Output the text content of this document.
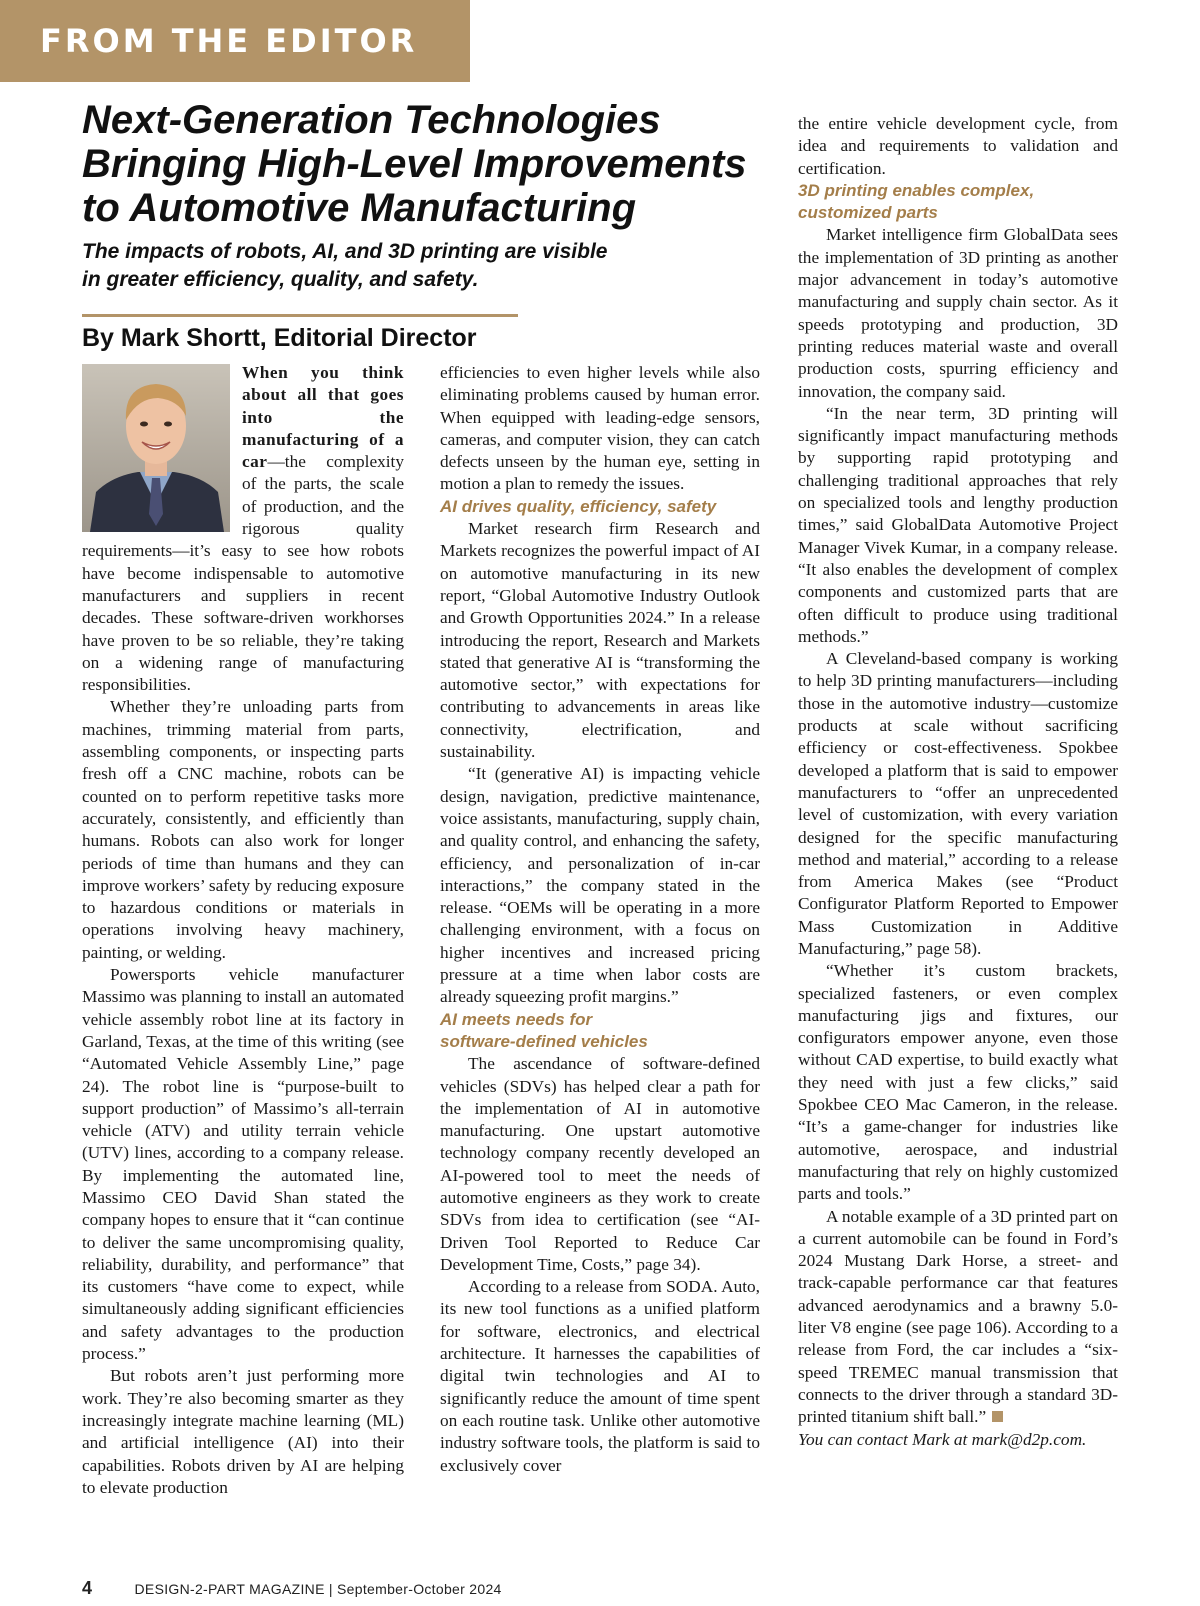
FROM THE EDITOR
Next-Generation Technologies
Bringing High-Level Improvements
to Automotive Manufacturing
The impacts of robots, AI, and 3D printing are visible
in greater efficiency, quality, and safety.
By Mark Shortt, Editorial Director

When you think about all that goes into the manufacturing of a car—the complexity of the parts, the scale of production, and the rigorous quality requirements—it’s easy to see how robots have become indispensable to automotive manufacturers and suppliers in recent decades. These software-driven workhorses have proven to be so reliable, they’re taking on a widening range of manufacturing responsibilities.

Whether they’re unloading parts from machines, trimming material from parts, assembling components, or inspecting parts fresh off a CNC machine, robots can be counted on to perform repetitive tasks more accurately, consistently, and efficiently than humans. Robots can also work for longer periods of time than humans and they can improve workers’ safety by reducing exposure to hazardous conditions or materials in operations involving heavy machinery, painting, or welding.

Powersports vehicle manufacturer Massimo was planning to install an automated vehicle assembly robot line at its factory in Garland, Texas, at the time of this writing (see “Automated Vehicle Assembly Line,” page 24). The robot line is “purpose-built to support production” of Massimo’s all-terrain vehicle (ATV) and utility terrain vehicle (UTV) lines, according to a company release. By implementing the automated line, Massimo CEO David Shan stated the company hopes to ensure that it “can continue to deliver the same uncompromising quality, reliability, durability, and performance” that its customers “have come to expect, while simultaneously adding significant efficiencies and safety advantages to the production process.”

But robots aren’t just performing more work. They’re also becoming smarter as they increasingly integrate machine learning (ML) and artificial intelligence (AI) into their capabilities. Robots driven by AI are helping to elevate production

efficiencies to even higher levels while also eliminating problems caused by human error. When equipped with leading-edge sensors, cameras, and computer vision, they can catch defects unseen by the human eye, setting in motion a plan to remedy the issues.

AI drives quality, efficiency, safety

Market research firm Research and Markets recognizes the powerful impact of AI on automotive manufacturing in its new report, “Global Automotive Industry Outlook and Growth Opportunities 2024.” In a release introducing the report, Research and Markets stated that generative AI is “transforming the automotive sector,” with expectations for contributing to advancements in areas like connectivity, electrification, and sustainability.

“It (generative AI) is impacting vehicle design, navigation, predictive maintenance, voice assistants, manufacturing, supply chain, and quality control, and enhancing the safety, efficiency, and personalization of in-car interactions,” the company stated in the release. “OEMs will be operating in a more challenging environment, with a focus on higher incentives and increased pricing pressure at a time when labor costs are already squeezing profit margins.”

AI meets needs for
software-defined vehicles

The ascendance of software-defined vehicles (SDVs) has helped clear a path for the implementation of AI in automotive manufacturing. One upstart automotive technology company recently developed an AI-powered tool to meet the needs of automotive engineers as they work to create SDVs from idea to certification (see “AI-Driven Tool Reported to Reduce Car Development Time, Costs,” page 34).

According to a release from SODA. Auto, its new tool functions as a unified platform for software, electronics, and electrical architecture. It harnesses the capabilities of digital twin technologies and AI to significantly reduce the amount of time spent on each routine task. Unlike other automotive industry software tools, the platform is said to exclusively cover

the entire vehicle development cycle, from idea and requirements to validation and certification.

3D printing enables complex,
customized parts

Market intelligence firm GlobalData sees the implementation of 3D printing as another major advancement in today’s automotive manufacturing and supply chain sector. As it speeds prototyping and production, 3D printing reduces material waste and overall production costs, spurring efficiency and innovation, the company said.

“In the near term, 3D printing will significantly impact manufacturing methods by supporting rapid prototyping and challenging traditional approaches that rely on specialized tools and lengthy production times,” said GlobalData Automotive Project Manager Vivek Kumar, in a company release. “It also enables the development of complex components and customized parts that are often difficult to produce using traditional methods.”

A Cleveland-based company is working to help 3D printing manufacturers—including those in the automotive industry—customize products at scale without sacrificing efficiency or cost-effectiveness. Spokbee developed a platform that is said to empower manufacturers to “offer an unprecedented level of customization, with every variation designed for the specific manufacturing method and material,” according to a release from America Makes (see “Product Configurator Platform Reported to Empower Mass Customization in Additive Manufacturing,” page 58).

“Whether it’s custom brackets, specialized fasteners, or even complex manufacturing jigs and fixtures, our configurators empower anyone, even those without CAD expertise, to build exactly what they need with just a few clicks,” said Spokbee CEO Mac Cameron, in the release. “It’s a game-changer for industries like automotive, aerospace, and industrial manufacturing that rely on highly customized parts and tools.”

A notable example of a 3D printed part on a current automobile can be found in Ford’s 2024 Mustang Dark Horse, a street- and track-capable performance car that features advanced aerodynamics and a brawny 5.0-liter V8 engine (see page 106). According to a release from Ford, the car includes a “six-speed TREMEC manual transmission that connects to the driver through a standard 3D-printed titanium shift ball.”

You can contact Mark at mark@d2p.com.

4	DESIGN-2-PART MAGAZINE | September-October 2024
